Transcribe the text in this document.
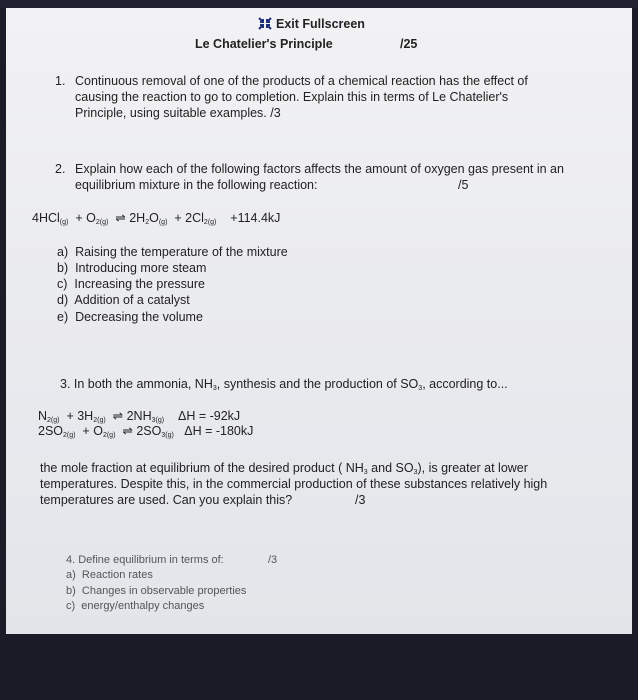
Exit Fullscreen
Le Chatelier's Principle	/25
1. Continuous removal of one of the products of a chemical reaction has the effect of
causing the reaction to go to completion. Explain this in terms of Le Chatelier's
Principle, using suitable examples. /3
2. Explain how each of the following factors affects the amount of oxygen gas present in an
equilibrium mixture in the following reaction:	/5
$4HCl_{(g)} + O_{2(g)}$ ⇌ $2H_2O_{(g)} + 2Cl_{2(g)} +114.4kJ$
a) Raising the temperature of the mixture
b) Introducing more steam
c) Increasing the pressure
d) Addition of a catalyst
e) Decreasing the volume
3. In both the ammonia, $NH_3$, synthesis and the production of $SO_3$, according to...
$N_{2(g)} + 3H_{2(g)}$ ⇌ $2NH_{3(g)}$ ΔH = -92kJ
$2SO_{2(g)} + O_{2(g)}$ ⇌ $2SO_{3(g)}$ ΔH = -180kJ
the mole fraction at equilibrium of the desired product ( $NH_3$ and $SO_3$), is greater at lower
temperatures. Despite this, in the commercial production of these substances relatively high
temperatures are used. Can you explain this?	/3
4. Define equilibrium in terms of:	/3
a) Reaction rates
b) Changes in observable properties
c) energy/enthalpy changes
